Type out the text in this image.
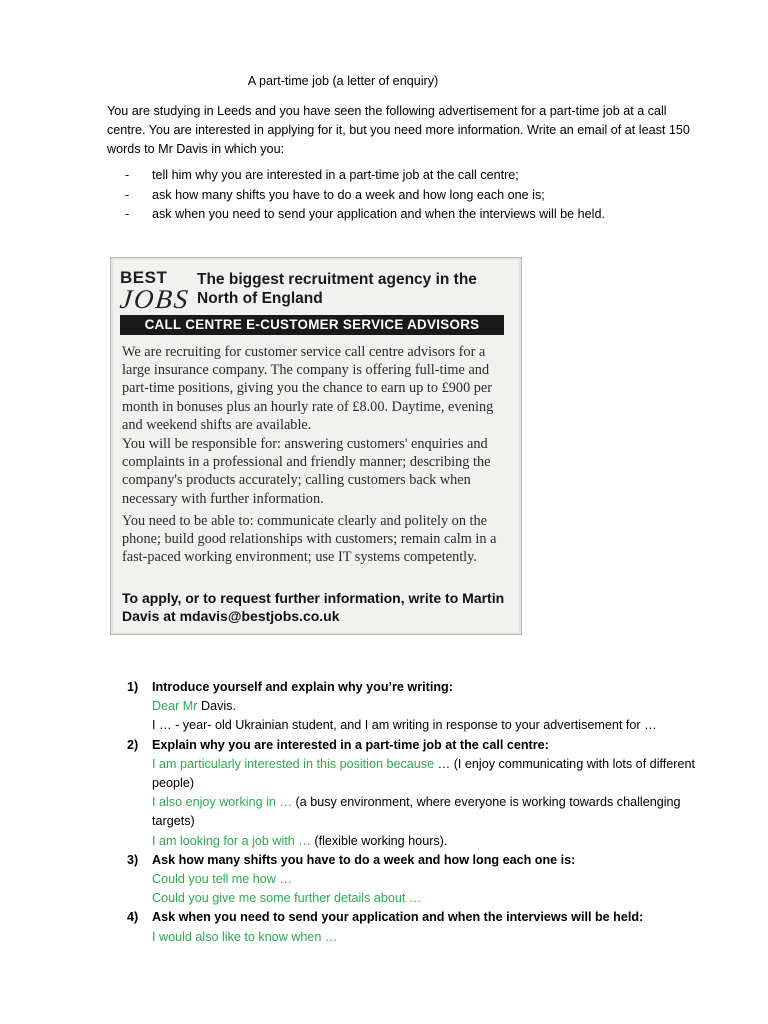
A part-time job (a letter of enquiry)
You are studying in Leeds and you have seen the following advertisement for a part-time job at a call centre. You are interested in applying for it, but you need more information. Write an email of at least 150 words to Mr Davis in which you:
- tell him why you are interested in a part-time job at the call centre;
- ask how many shifts you have to do a week and how long each one is;
- ask when you need to send your application and when the interviews will be held.
BEST
JOBS
The biggest recruitment agency in the North of England
CALL CENTRE E-CUSTOMER SERVICE ADVISORS
We are recruiting for customer service call centre advisors for a large insurance company. The company is offering full-time and part-time positions, giving you the chance to earn up to £900 per month in bonuses plus an hourly rate of £8.00. Daytime, evening and weekend shifts are available.
You will be responsible for: answering customers' enquiries and complaints in a professional and friendly manner; describing the company's products accurately; calling customers back when necessary with further information.
You need to be able to: communicate clearly and politely on the phone; build good relationships with customers; remain calm in a fast-paced working environment; use IT systems competently.
To apply, or to request further information, write to Martin Davis at mdavis@bestjobs.co.uk
1) Introduce yourself and explain why you’re writing:
Dear Mr Davis.
I … - year- old Ukrainian student, and I am writing in response to your advertisement for …
2) Explain why you are interested in a part-time job at the call centre:
I am particularly interested in this position because … (I enjoy communicating with lots of different people)
I also enjoy working in … (a busy environment, where everyone is working towards challenging targets)
I am looking for a job with … (flexible working hours).
3) Ask how many shifts you have to do a week and how long each one is:
Could you tell me how …
Could you give me some further details about …
4) Ask when you need to send your application and when the interviews will be held:
I would also like to know when …
